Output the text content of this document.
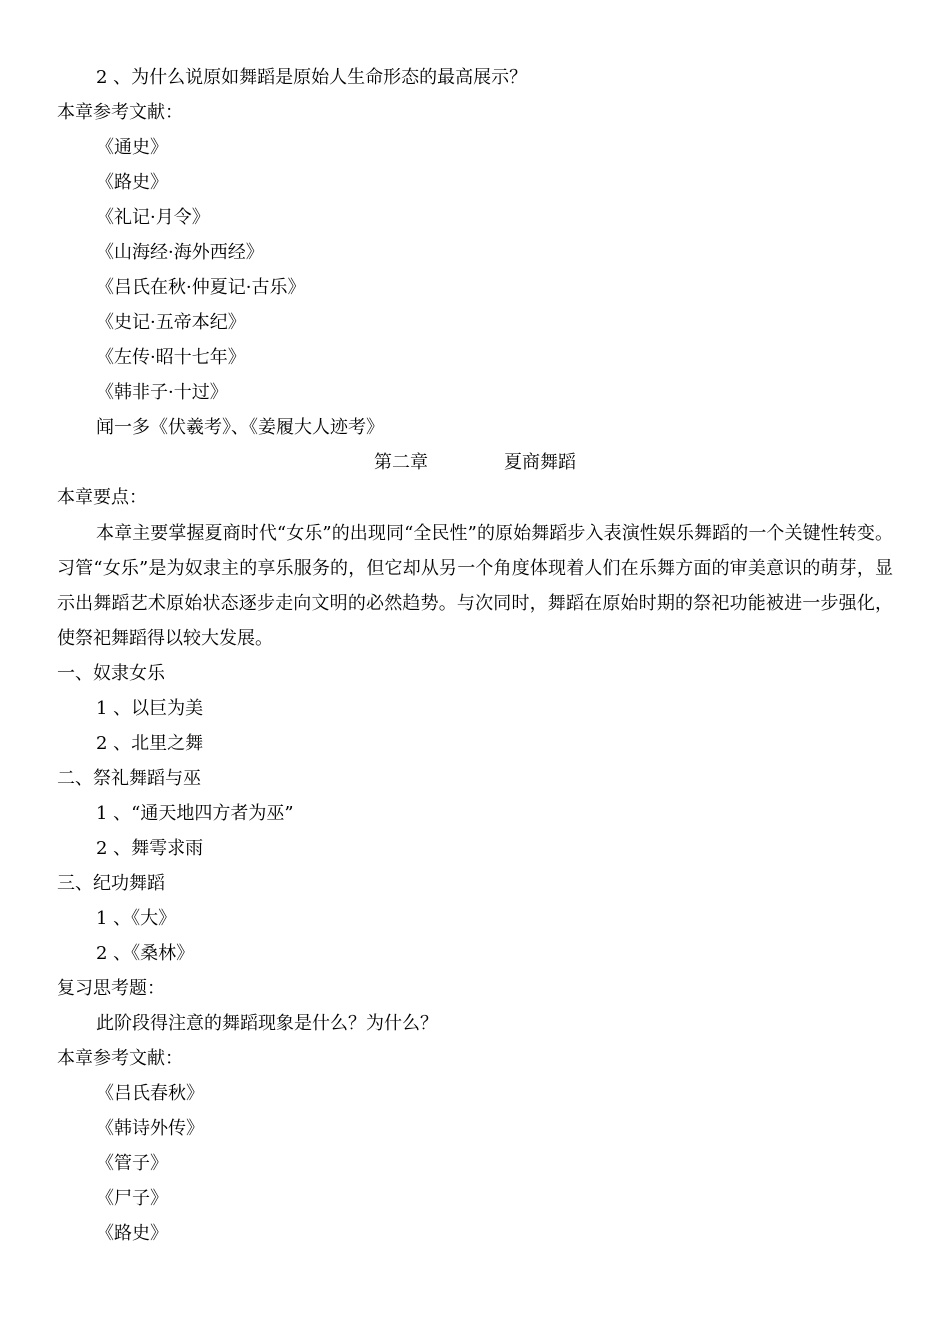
2 、为什么说原如舞蹈是原始人生命形态的最高展示？
本章参考文献：
《通史》
《路史》
《礼记·月令》
《山海经·海外西经》
《吕氏在秋·仲夏记·古乐》
《史记·五帝本纪》
《左传·昭十七年》
《韩非子·十过》
闻一多《伏羲考》、《姜履大人迹考》
第二章	夏商舞蹈
本章要点：
本章主要掌握夏商时代“女乐”的出现同“全民性”的原始舞蹈步入表演性娱乐舞蹈的一个关键性转变。习管“女乐”是为奴隶主的享乐服务的，但它却从另一个角度体现着人们在乐舞方面的审美意识的萌芽，显示出舞蹈艺术原始状态逐步走向文明的必然趋势。与次同时，舞蹈在原始时期的祭祀功能被进一步强化，使祭祀舞蹈得以较大发展。
一、奴隶女乐
1 、以巨为美
2 、北里之舞
二、祭礼舞蹈与巫
1 、“通天地四方者为巫”
2 、舞雩求雨
三、纪功舞蹈
1 、《大》
2 、《桑林》
复习思考题：
此阶段得注意的舞蹈现象是什么？为什么？
本章参考文献：
《吕氏春秋》
《韩诗外传》
《管子》
《尸子》
《路史》
